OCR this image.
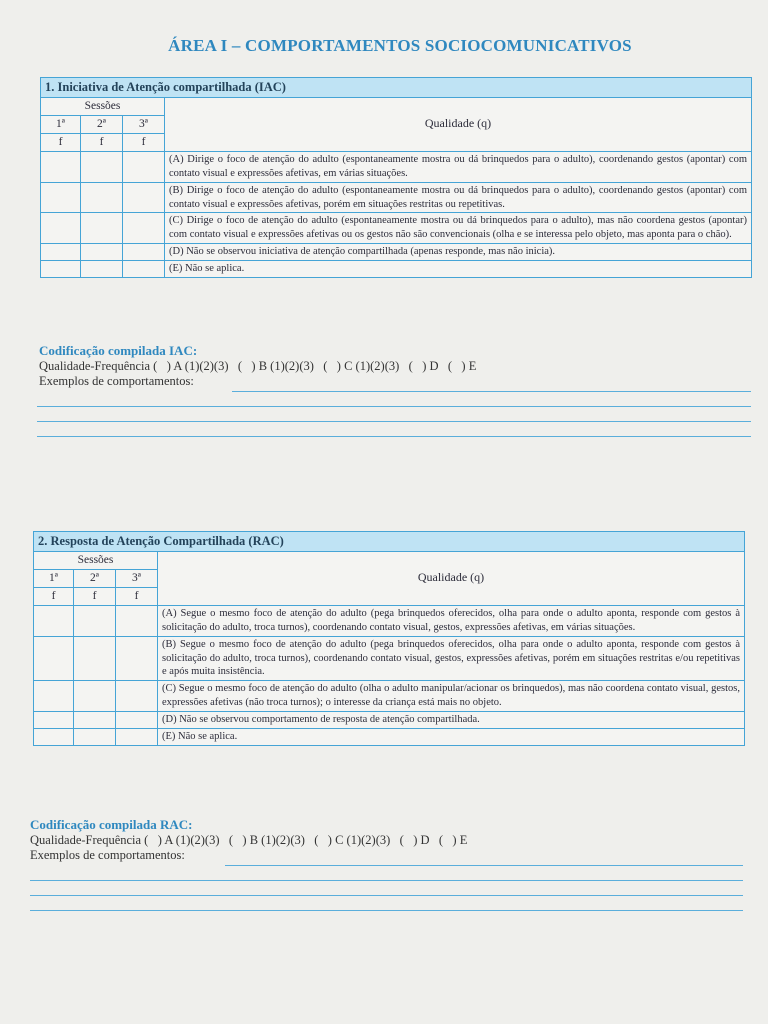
ÁREA I – COMPORTAMENTOS SOCIOCOMUNICATIVOS
1. Iniciativa de Atenção compartilhada (IAC)			
Sessões			Qualidade (q)
1ª	2ª	3ª	
f	f	f	
			(A) Dirige o foco de atenção do adulto (espontaneamente mostra ou dá brinquedos para o adulto), coordenando gestos (apontar) com contato visual e expressões afetivas, em várias situações.
			(B) Dirige o foco de atenção do adulto (espontaneamente mostra ou dá brinquedos para o adulto), coordenando gestos (apontar) com contato visual e expressões afetivas, porém em situações restritas ou repetitivas.
			(C) Dirige o foco de atenção do adulto (espontaneamente mostra ou dá brinquedos para o adulto), mas não coordena gestos (apontar) com contato visual e expressões afetivas ou os gestos não são convencionais (olha e se interessa pelo objeto, mas aponta para o chão).
			(D) Não se observou iniciativa de atenção compartilhada (apenas responde, mas não inicia).
			(E) Não se aplica.
Codificação compilada IAC:
Qualidade-Frequência (   ) A (1)(2)(3)   (   ) B (1)(2)(3)   (   ) C (1)(2)(3)   (   ) D   (   ) E
Exemplos de comportamentos:
2. Resposta de Atenção Compartilhada (RAC)			
Sessões			Qualidade (q)
1ª	2ª	3ª	
f	f	f	
			(A) Segue o mesmo foco de atenção do adulto (pega brinquedos oferecidos, olha para onde o adulto aponta, responde com gestos à solicitação do adulto, troca turnos), coordenando contato visual, gestos, expressões afetivas, em várias situações.
			(B) Segue o mesmo foco de atenção do adulto (pega brinquedos oferecidos, olha para onde o adulto aponta, responde com gestos à solicitação do adulto, troca turnos), coordenando contato visual, gestos, expressões afetivas, porém em situações restritas e/ou repetitivas e após muita insistência.
			(C) Segue o mesmo foco de atenção do adulto (olha o adulto manipular/acionar os brinquedos), mas não coordena contato visual, gestos, expressões afetivas (não troca turnos); o interesse da criança está mais no objeto.
			(D) Não se observou comportamento de resposta de atenção compartilhada.
			(E) Não se aplica.
Codificação compilada RAC:
Qualidade-Frequência (   ) A (1)(2)(3)   (   ) B (1)(2)(3)   (   ) C (1)(2)(3)   (   ) D   (   ) E
Exemplos de comportamentos:
